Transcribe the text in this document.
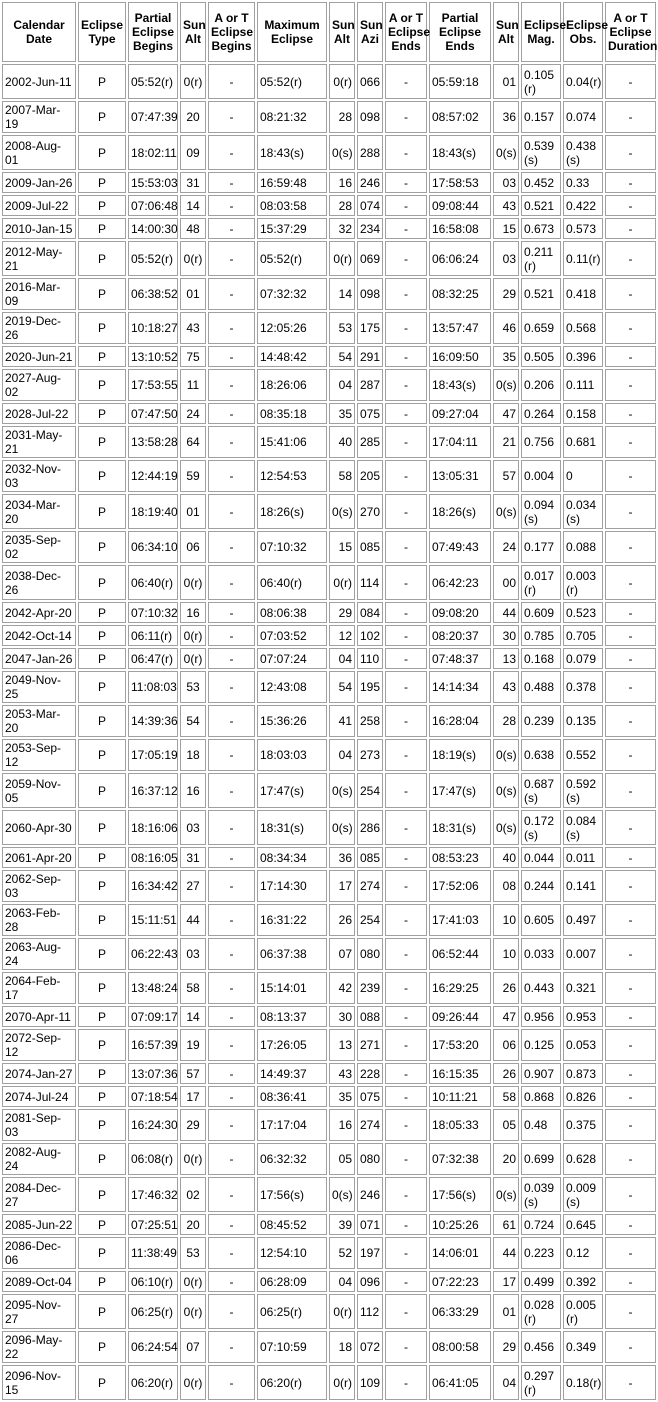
Calendar Date	Eclipse Type	Partial Eclipse Begins	Sun Alt	A or T Eclipse Begins	Maximum Eclipse	Sun Alt	Sun Azi	A or T Eclipse Ends	Partial Eclipse Ends	Sun Alt	Eclipse Mag.	Eclipse Obs.	A or T Eclipse Duration
2002-Jun-11	P	05:52(r)	0(r)	-	05:52(r)	0(r)	066	-	05:59:18	01	0.105 (r)	0.04(r)	-
2007-Mar-19	P	07:47:39	20	-	08:21:32	28	098	-	08:57:02	36	0.157	0.074	-
2008-Aug-01	P	18:02:11	09	-	18:43(s)	0(s)	288	-	18:43(s)	0(s)	0.539 (s)	0.438 (s)	-
2009-Jan-26	P	15:53:03	31	-	16:59:48	16	246	-	17:58:53	03	0.452	0.33	-
2009-Jul-22	P	07:06:48	14	-	08:03:58	28	074	-	09:08:44	43	0.521	0.422	-
2010-Jan-15	P	14:00:30	48	-	15:37:29	32	234	-	16:58:08	15	0.673	0.573	-
2012-May-21	P	05:52(r)	0(r)	-	05:52(r)	0(r)	069	-	06:06:24	03	0.211 (r)	0.11(r)	-
2016-Mar-09	P	06:38:52	01	-	07:32:32	14	098	-	08:32:25	29	0.521	0.418	-
2019-Dec-26	P	10:18:27	43	-	12:05:26	53	175	-	13:57:47	46	0.659	0.568	-
2020-Jun-21	P	13:10:52	75	-	14:48:42	54	291	-	16:09:50	35	0.505	0.396	-
2027-Aug-02	P	17:53:55	11	-	18:26:06	04	287	-	18:43(s)	0(s)	0.206	0.111	-
2028-Jul-22	P	07:47:50	24	-	08:35:18	35	075	-	09:27:04	47	0.264	0.158	-
2031-May-21	P	13:58:28	64	-	15:41:06	40	285	-	17:04:11	21	0.756	0.681	-
2032-Nov-03	P	12:44:19	59	-	12:54:53	58	205	-	13:05:31	57	0.004	0	-
2034-Mar-20	P	18:19:40	01	-	18:26(s)	0(s)	270	-	18:26(s)	0(s)	0.094 (s)	0.034 (s)	-
2035-Sep-02	P	06:34:10	06	-	07:10:32	15	085	-	07:49:43	24	0.177	0.088	-
2038-Dec-26	P	06:40(r)	0(r)	-	06:40(r)	0(r)	114	-	06:42:23	00	0.017 (r)	0.003 (r)	-
2042-Apr-20	P	07:10:32	16	-	08:06:38	29	084	-	09:08:20	44	0.609	0.523	-
2042-Oct-14	P	06:11(r)	0(r)	-	07:03:52	12	102	-	08:20:37	30	0.785	0.705	-
2047-Jan-26	P	06:47(r)	0(r)	-	07:07:24	04	110	-	07:48:37	13	0.168	0.079	-
2049-Nov-25	P	11:08:03	53	-	12:43:08	54	195	-	14:14:34	43	0.488	0.378	-
2053-Mar-20	P	14:39:36	54	-	15:36:26	41	258	-	16:28:04	28	0.239	0.135	-
2053-Sep-12	P	17:05:19	18	-	18:03:03	04	273	-	18:19(s)	0(s)	0.638	0.552	-
2059-Nov-05	P	16:37:12	16	-	17:47(s)	0(s)	254	-	17:47(s)	0(s)	0.687 (s)	0.592 (s)	-
2060-Apr-30	P	18:16:06	03	-	18:31(s)	0(s)	286	-	18:31(s)	0(s)	0.172 (s)	0.084 (s)	-
2061-Apr-20	P	08:16:05	31	-	08:34:34	36	085	-	08:53:23	40	0.044	0.011	-
2062-Sep-03	P	16:34:42	27	-	17:14:30	17	274	-	17:52:06	08	0.244	0.141	-
2063-Feb-28	P	15:11:51	44	-	16:31:22	26	254	-	17:41:03	10	0.605	0.497	-
2063-Aug-24	P	06:22:43	03	-	06:37:38	07	080	-	06:52:44	10	0.033	0.007	-
2064-Feb-17	P	13:48:24	58	-	15:14:01	42	239	-	16:29:25	26	0.443	0.321	-
2070-Apr-11	P	07:09:17	14	-	08:13:37	30	088	-	09:26:44	47	0.956	0.953	-
2072-Sep-12	P	16:57:39	19	-	17:26:05	13	271	-	17:53:20	06	0.125	0.053	-
2074-Jan-27	P	13:07:36	57	-	14:49:37	43	228	-	16:15:35	26	0.907	0.873	-
2074-Jul-24	P	07:18:54	17	-	08:36:41	35	075	-	10:11:21	58	0.868	0.826	-
2081-Sep-03	P	16:24:30	29	-	17:17:04	16	274	-	18:05:33	05	0.48	0.375	-
2082-Aug-24	P	06:08(r)	0(r)	-	06:32:32	05	080	-	07:32:38	20	0.699	0.628	-
2084-Dec-27	P	17:46:32	02	-	17:56(s)	0(s)	246	-	17:56(s)	0(s)	0.039 (s)	0.009 (s)	-
2085-Jun-22	P	07:25:51	20	-	08:45:52	39	071	-	10:25:26	61	0.724	0.645	-
2086-Dec-06	P	11:38:49	53	-	12:54:10	52	197	-	14:06:01	44	0.223	0.12	-
2089-Oct-04	P	06:10(r)	0(r)	-	06:28:09	04	096	-	07:22:23	17	0.499	0.392	-
2095-Nov-27	P	06:25(r)	0(r)	-	06:25(r)	0(r)	112	-	06:33:29	01	0.028 (r)	0.005 (r)	-
2096-May-22	P	06:24:54	07	-	07:10:59	18	072	-	08:00:58	29	0.456	0.349	-
2096-Nov-15	P	06:20(r)	0(r)	-	06:20(r)	0(r)	109	-	06:41:05	04	0.297 (r)	0.18(r)	-
